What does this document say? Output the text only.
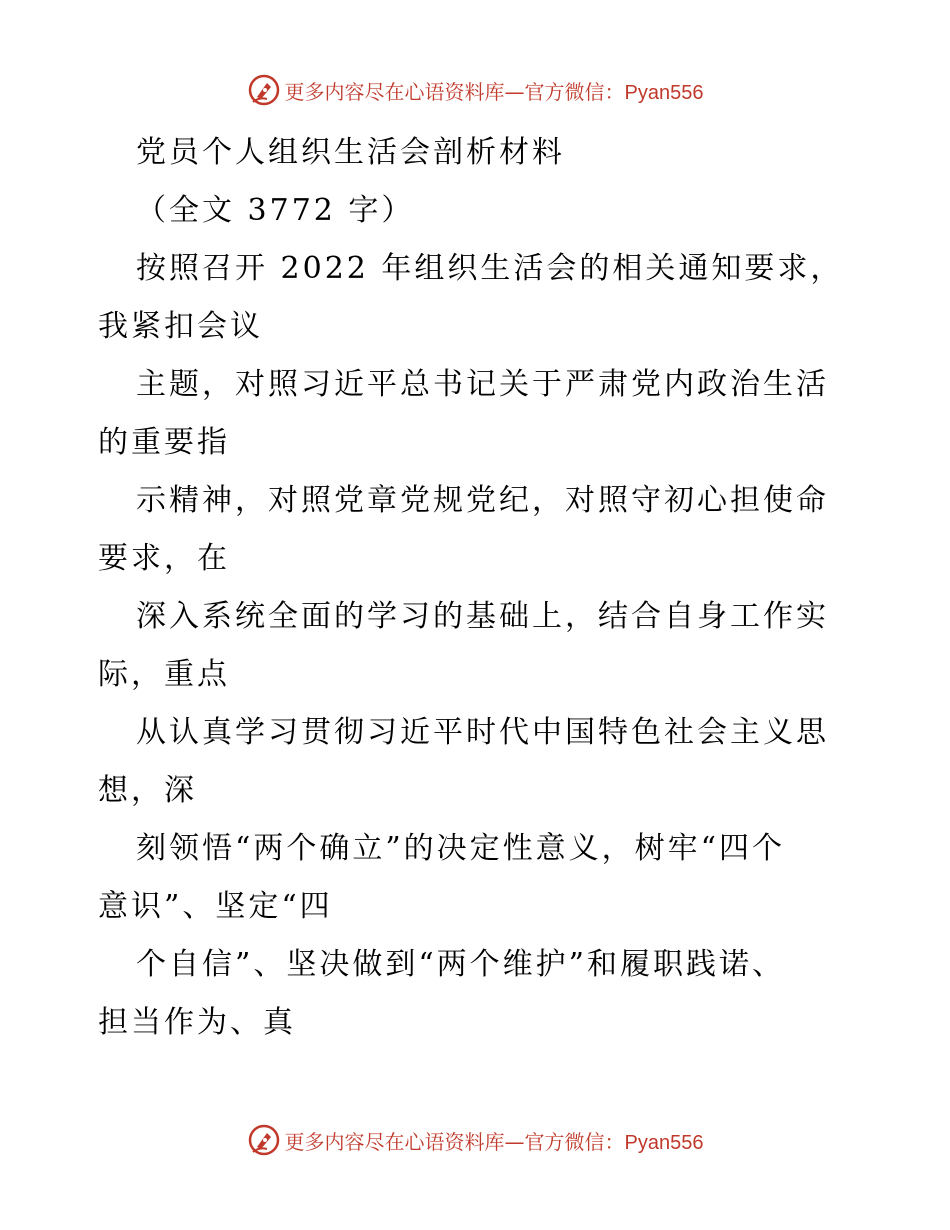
更多内容尽在心语资料库—官方微信：Pyan556
党员个人组织生活会剖析材料
（全文 3772 字）
按照召开 2022 年组织生活会的相关通知要求，
我紧扣会议
主题，对照习近平总书记关于严肃党内政治生活
的重要指
示精神，对照党章党规党纪，对照守初心担使命
要求，在
深入系统全面的学习的基础上，结合自身工作实
际，重点
从认真学习贯彻习近平时代中国特色社会主义思
想，深
刻领悟“两个确立”的决定性意义，树牢“四个
意识”、坚定“四
个自信”、坚决做到“两个维护”和履职践诺、
担当作为、真
更多内容尽在心语资料库—官方微信：Pyan556
